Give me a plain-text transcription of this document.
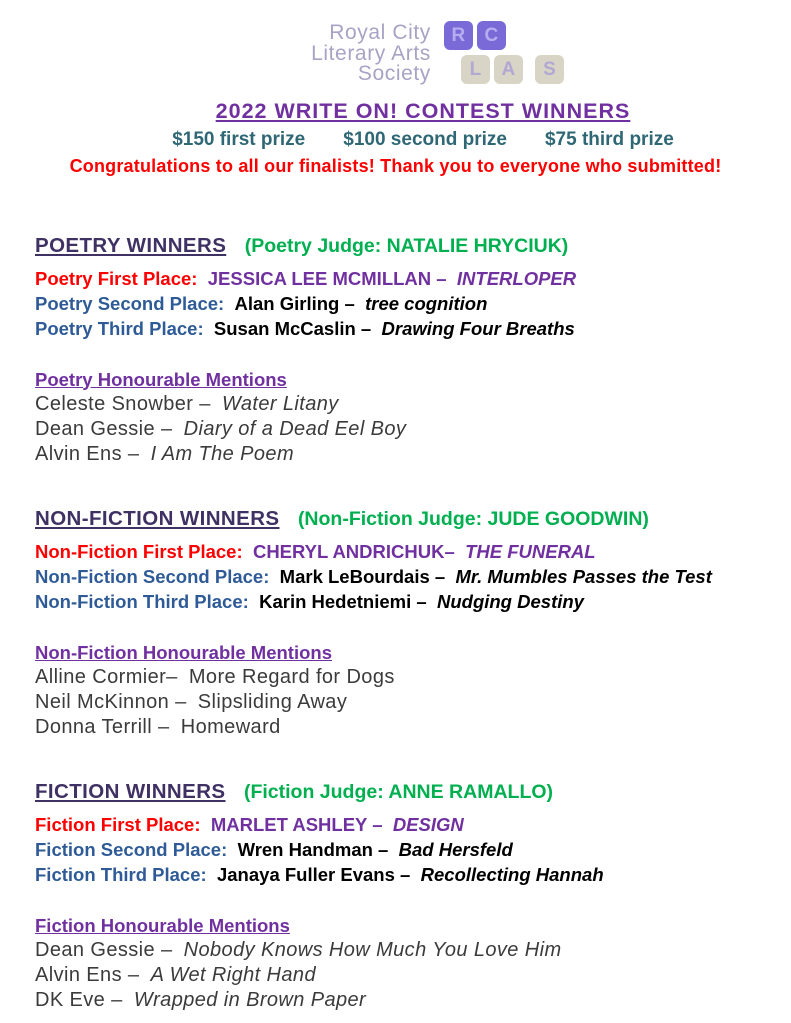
Royal City
Literary Arts
Society
R	C
L	A	S
2022 WRITE ON! CONTEST WINNERS
$150 first prize $100 second prize $75 third prize
Congratulations to all our finalists! Thank you to everyone who submitted!

POETRY WINNERS (Poetry Judge: NATALIE HRYCIUK)

Poetry First Place: JESSICA LEE MCMILLAN – INTERLOPER

Poetry Second Place: Alan Girling – tree cognition

Poetry Third Place: Susan McCaslin – Drawing Four Breaths

Poetry Honourable Mentions

Celeste Snowber – Water Litany

Dean Gessie – Diary of a Dead Eel Boy

Alvin Ens – I Am The Poem

NON-FICTION WINNERS (Non-Fiction Judge: JUDE GOODWIN)

Non-Fiction First Place: CHERYL ANDRICHUK– THE FUNERAL

Non-Fiction Second Place: Mark LeBourdais – Mr. Mumbles Passes the Test

Non-Fiction Third Place: Karin Hedetniemi – Nudging Destiny

Non-Fiction Honourable Mentions

Alline Cormier– More Regard for Dogs

Neil McKinnon – Slipsliding Away

Donna Terrill – Homeward

FICTION WINNERS (Fiction Judge: ANNE RAMALLO)

Fiction First Place: MARLET ASHLEY – DESIGN

Fiction Second Place: Wren Handman – Bad Hersfeld

Fiction Third Place: Janaya Fuller Evans – Recollecting Hannah

Fiction Honourable Mentions

Dean Gessie – Nobody Knows How Much You Love Him

Alvin Ens – A Wet Right Hand

DK Eve – Wrapped in Brown Paper
